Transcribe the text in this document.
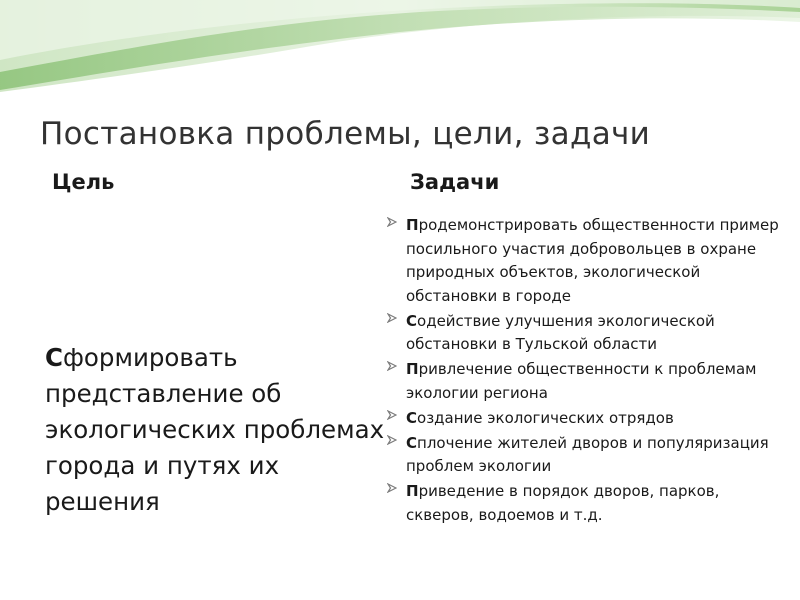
Постановка проблемы, цели, задачи
Цель	Задачи
Сформировать представление об экологических проблемах города и путях их решения
Продемонстрировать общественности пример посильного участия добровольцев в охране природных объектов, экологической обстановки в городе
Содействие улучшения экологической обстановки в Тульской области
Привлечение общественности к проблемам экологии региона
Создание экологических отрядов
Сплочение жителей дворов и популяризация проблем экологии
Приведение в порядок дворов, парков, скверов, водоемов и т.д.
